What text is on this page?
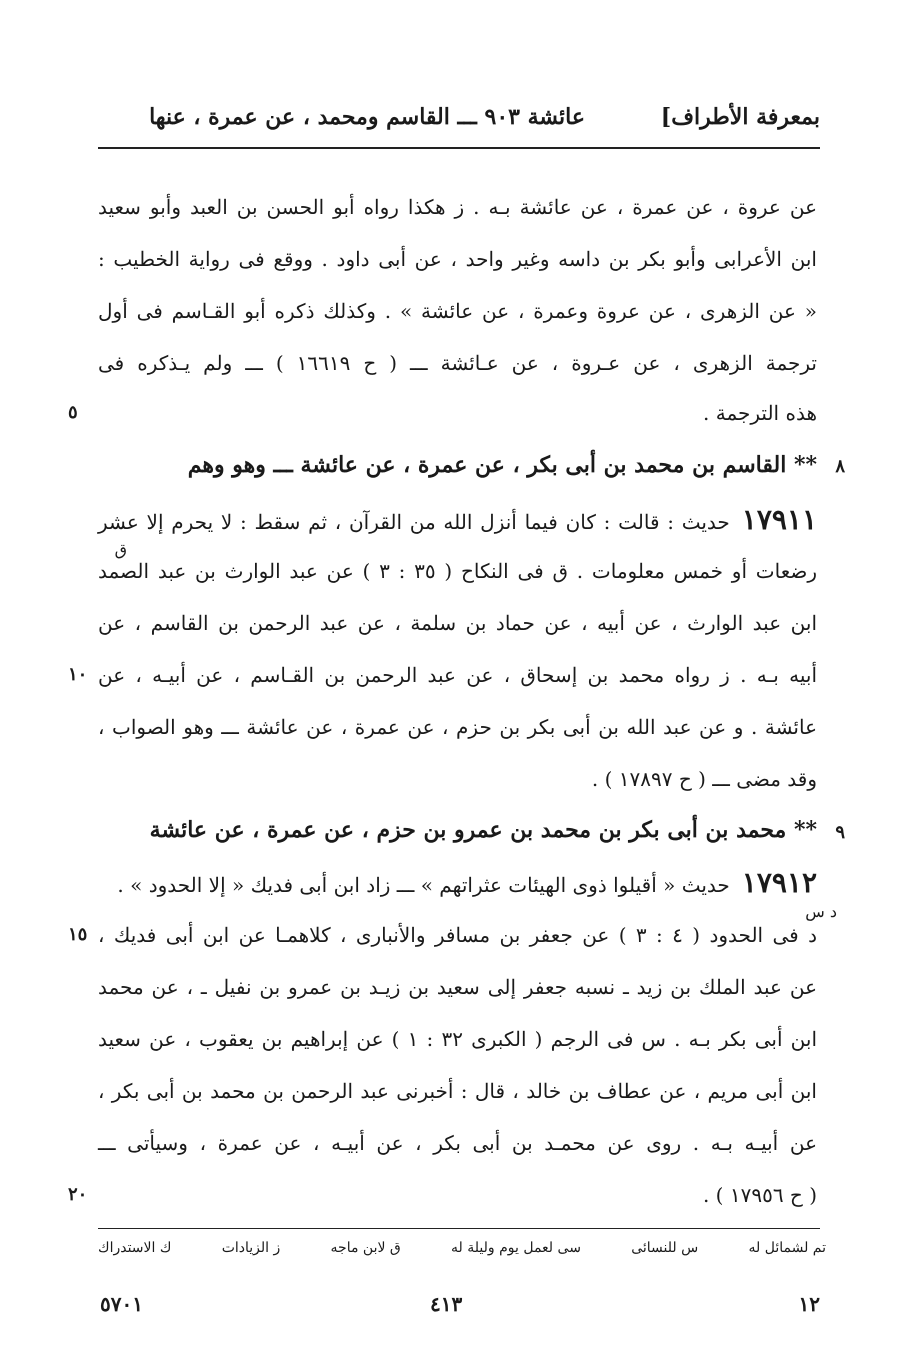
بمعرفة الأطراف]
عائشة ٩٠٣ ـــ القاسم ومحمد ، عن عمرة ، عنها
عن عروة ، عن عمرة ، عن عائشة بـه . ز هكذا رواه أبو الحسن بن العبد وأبو سعيد
ابن الأعرابى وأبو بكر بن داسه وغير واحد ، عن أبى داود . ووقع فى رواية الخطيب :
« عن الزهرى ، عن عروة وعمرة ، عن عائشة » . وكذلك ذكره أبو القـاسم فى أول
ترجمة الزهرى ، عن عـروة ، عن عـائشة ـــ ( ح ١٦٦١٩ ) ـــ ولم يـذكره فى
هذه الترجمة .
٥
٨
** القاسم بن محمد بن أبى بكر ، عن عمرة ، عن عائشة ـــ وهو وهم
١٧٩١١حديث : قالت : كان فيما أنزل الله من القرآن ، ثم سقط : لا يحرم إلا عشر
ق
رضعات أو خمس معلومات . ق فى النكاح ( ٣٥ : ٣ ) عن عبد الوارث بن عبد الصمد
ابن عبد الوارث ، عن أبيه ، عن حماد بن سلمة ، عن عبد الرحمن بن القاسم ، عن
أبيه بـه . ز رواه محمد بن إسحاق ، عن عبد الرحمن بن القـاسم ، عن أبيـه ، عن
١٠
عائشة . و عن عبد الله بن أبى بكر بن حزم ، عن عمرة ، عن عائشة ـــ وهو الصواب ،
وقد مضى ـــ ( ح ١٧٨٩٧ ) .
٩
** محمد بن أبى بكر بن محمد بن عمرو بن حزم ، عن عمرة ، عن عائشة
١٧٩١٢حديث « أقيلوا ذوى الهيئات عثراتهم » ـــ زاد ابن أبى فديك « إلا الحدود » .
د س
د فى الحدود ( ٤ : ٣ ) عن جعفر بن مسافر والأنبارى ، كلاهمـا عن ابن أبى فديك ،
١٥
عن عبد الملك بن زيد ـ نسبه جعفر إلى سعيد بن زيـد بن عمرو بن نفيل ـ ، عن محمد
ابن أبى بكر بـه . س فى الرجم ( الكبرى ٣٢ : ١ ) عن إبراهيم بن يعقوب ، عن سعيد
ابن أبى مريم ، عن عطاف بن خالد ، قال : أخبرنى عبد الرحمن بن محمد بن أبى بكر ،
عن أبيـه بـه . روى عن محمـد بن أبى بكر ، عن أبيـه ، عن عمرة ، وسيأتى ـــ
( ح ١٧٩٥٦ ) .
٢٠
تم لشمائل له
س للنسائى
سى لعمل يوم وليلة له
ق لابن ماجه
ز الزيادات
ك الاستدراك
١٢
٤١٣
٥٧٠١
